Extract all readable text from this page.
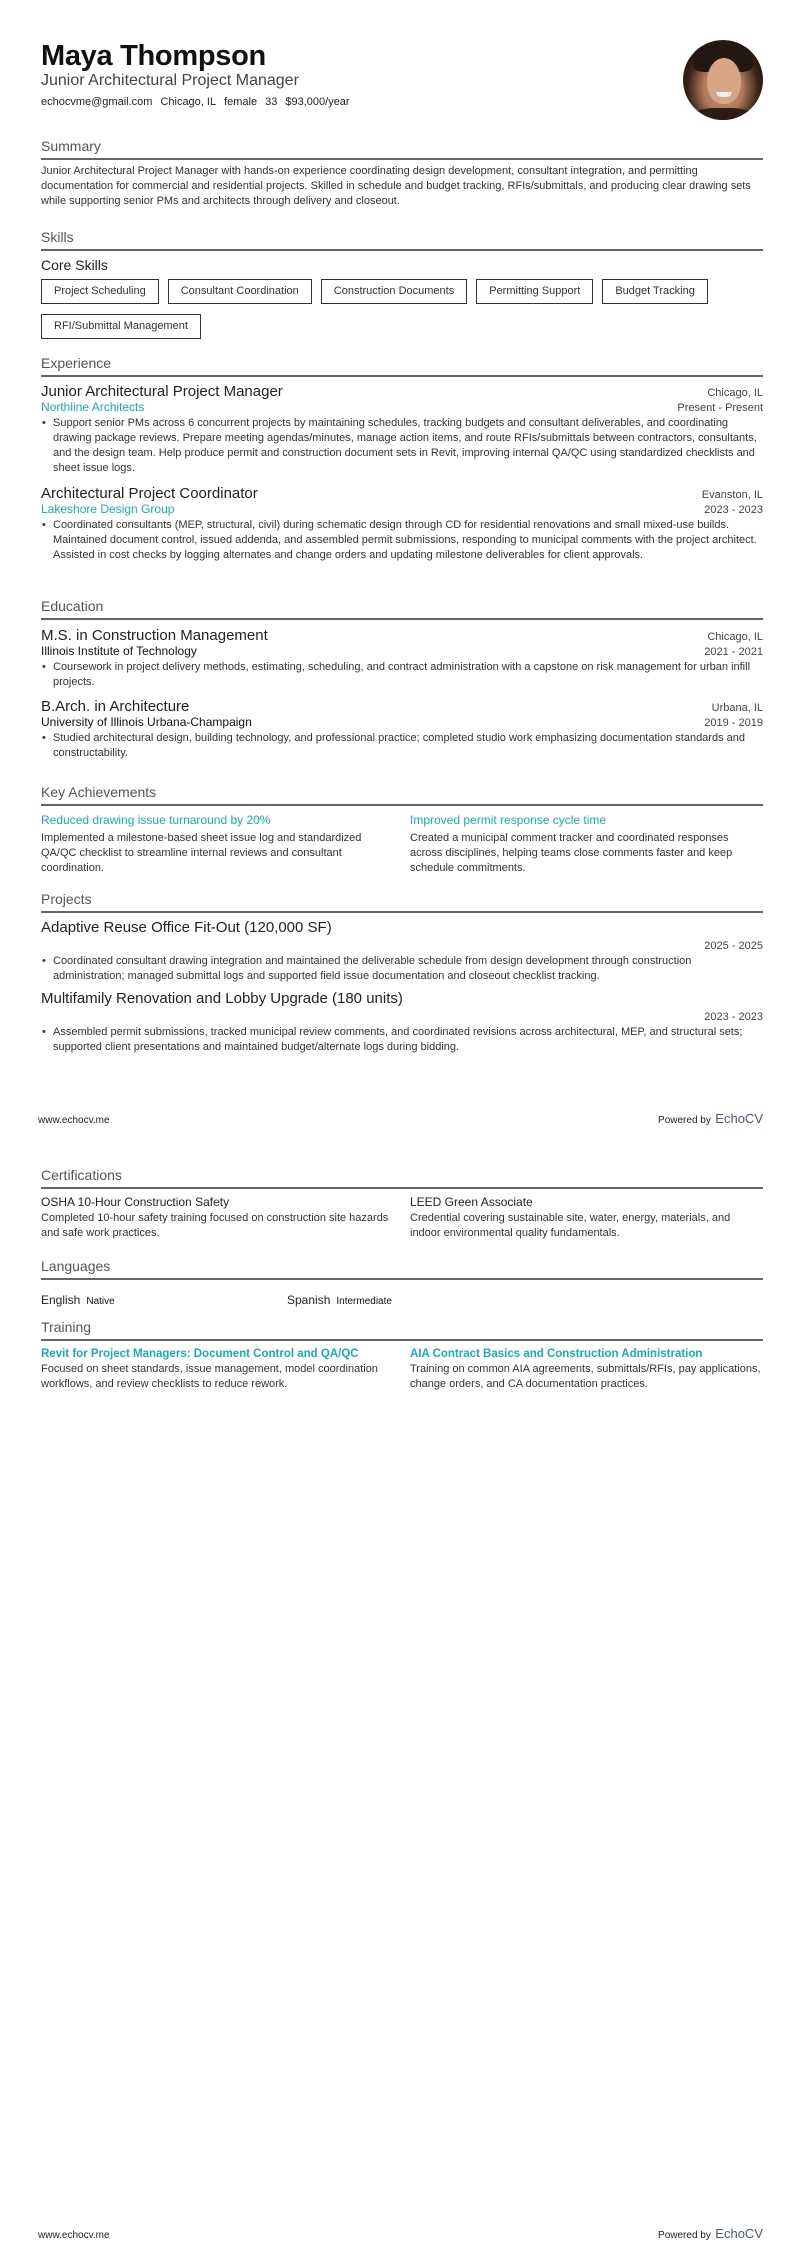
Maya Thompson
Junior Architectural Project Manager
echocvme@gmail.com Chicago, IL female 33 $93,000/year
Summary
Junior Architectural Project Manager with hands-on experience coordinating design development, consultant integration, and permitting documentation for commercial and residential projects. Skilled in schedule and budget tracking, RFIs/submittals, and producing clear drawing sets while supporting senior PMs and architects through delivery and closeout.
Skills
Core Skills
Project Scheduling	Consultant Coordination	Construction Documents	Permitting Support	Budget Tracking
RFI/Submittal Management
Experience
Junior Architectural Project Manager	Chicago, IL
Northline Architects	Present - Present
• Support senior PMs across 6 concurrent projects by maintaining schedules, tracking budgets and consultant deliverables, and coordinating drawing package reviews. Prepare meeting agendas/minutes, manage action items, and route RFIs/submittals between contractors, consultants, and the design team. Help produce permit and construction document sets in Revit, improving internal QA/QC using standardized checklists and sheet issue logs.
Architectural Project Coordinator	Evanston, IL
Lakeshore Design Group	2023 - 2023
• Coordinated consultants (MEP, structural, civil) during schematic design through CD for residential renovations and small mixed-use builds. Maintained document control, issued addenda, and assembled permit submissions, responding to municipal comments with the project architect. Assisted in cost checks by logging alternates and change orders and updating milestone deliverables for client approvals.
Education
M.S. in Construction Management	Chicago, IL
Illinois Institute of Technology	2021 - 2021
• Coursework in project delivery methods, estimating, scheduling, and contract administration with a capstone on risk management for urban infill projects.
B.Arch. in Architecture	Urbana, IL
University of Illinois Urbana-Champaign	2019 - 2019
• Studied architectural design, building technology, and professional practice; completed studio work emphasizing documentation standards and constructability.
Key Achievements
Reduced drawing issue turnaround by 20%
Implemented a milestone-based sheet issue log and standardized QA/QC checklist to streamline internal reviews and consultant coordination.
Improved permit response cycle time
Created a municipal comment tracker and coordinated responses across disciplines, helping teams close comments faster and keep schedule commitments.
Projects
Adaptive Reuse Office Fit-Out (120,000 SF)
2025 - 2025
• Coordinated consultant drawing integration and maintained the deliverable schedule from design development through construction administration; managed submittal logs and supported field issue documentation and closeout checklist tracking.
Multifamily Renovation and Lobby Upgrade (180 units)
2023 - 2023
• Assembled permit submissions, tracked municipal review comments, and coordinated revisions across architectural, MEP, and structural sets; supported client presentations and maintained budget/alternate logs during bidding.
www.echocv.me	Powered by EchoCV
Certifications
OSHA 10-Hour Construction Safety
Completed 10-hour safety training focused on construction site hazards and safe work practices.
LEED Green Associate
Credential covering sustainable site, water, energy, materials, and indoor environmental quality fundamentals.
Languages
English Native	Spanish Intermediate
Training
Revit for Project Managers: Document Control and QA/QC
Focused on sheet standards, issue management, model coordination workflows, and review checklists to reduce rework.
AIA Contract Basics and Construction Administration
Training on common AIA agreements, submittals/RFIs, pay applications, change orders, and CA documentation practices.
www.echocv.me	Powered by EchoCV
